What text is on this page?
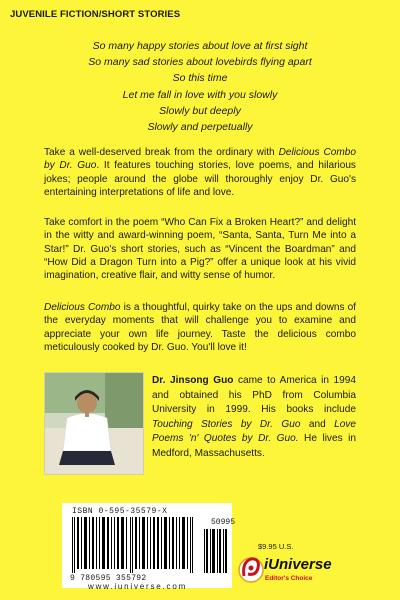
JUVENILE FICTION/SHORT STORIES
So many happy stories about love at first sight
So many sad stories about lovebirds flying apart
So this time
Let me fall in love with you slowly
Slowly but deeply
Slowly and perpetually
Take a well-deserved break from the ordinary with Delicious Combo by Dr. Guo. It features touching stories, love poems, and hilarious jokes; people around the globe will thoroughly enjoy Dr. Guo's entertaining interpretations of life and love.
Take comfort in the poem “Who Can Fix a Broken Heart?” and delight in the witty and award-winning poem, “Santa, Santa, Turn Me into a Star!” Dr. Guo's short stories, such as “Vincent the Boardman” and “How Did a Dragon Turn into a Pig?” offer a unique look at his vivid imagination, creative flair, and witty sense of humor.
Delicious Combo is a thoughtful, quirky take on the ups and downs of the everyday moments that will challenge you to examine and appreciate your own life journey. Taste the delicious combo meticulously cooked by Dr. Guo. You'll love it!
Dr. Jinsong Guo came to America in 1994 and obtained his PhD from Columbia University in 1999. His books include Touching Stories by Dr. Guo and Love Poems 'n' Quotes by Dr. Guo. He lives in Medford, Massachusetts.
ISBN 0-595-35579-X
50995
9 780595 355792
www.iuniverse.com
$9.95 U.S.
iUniverse
Editor's Choice
